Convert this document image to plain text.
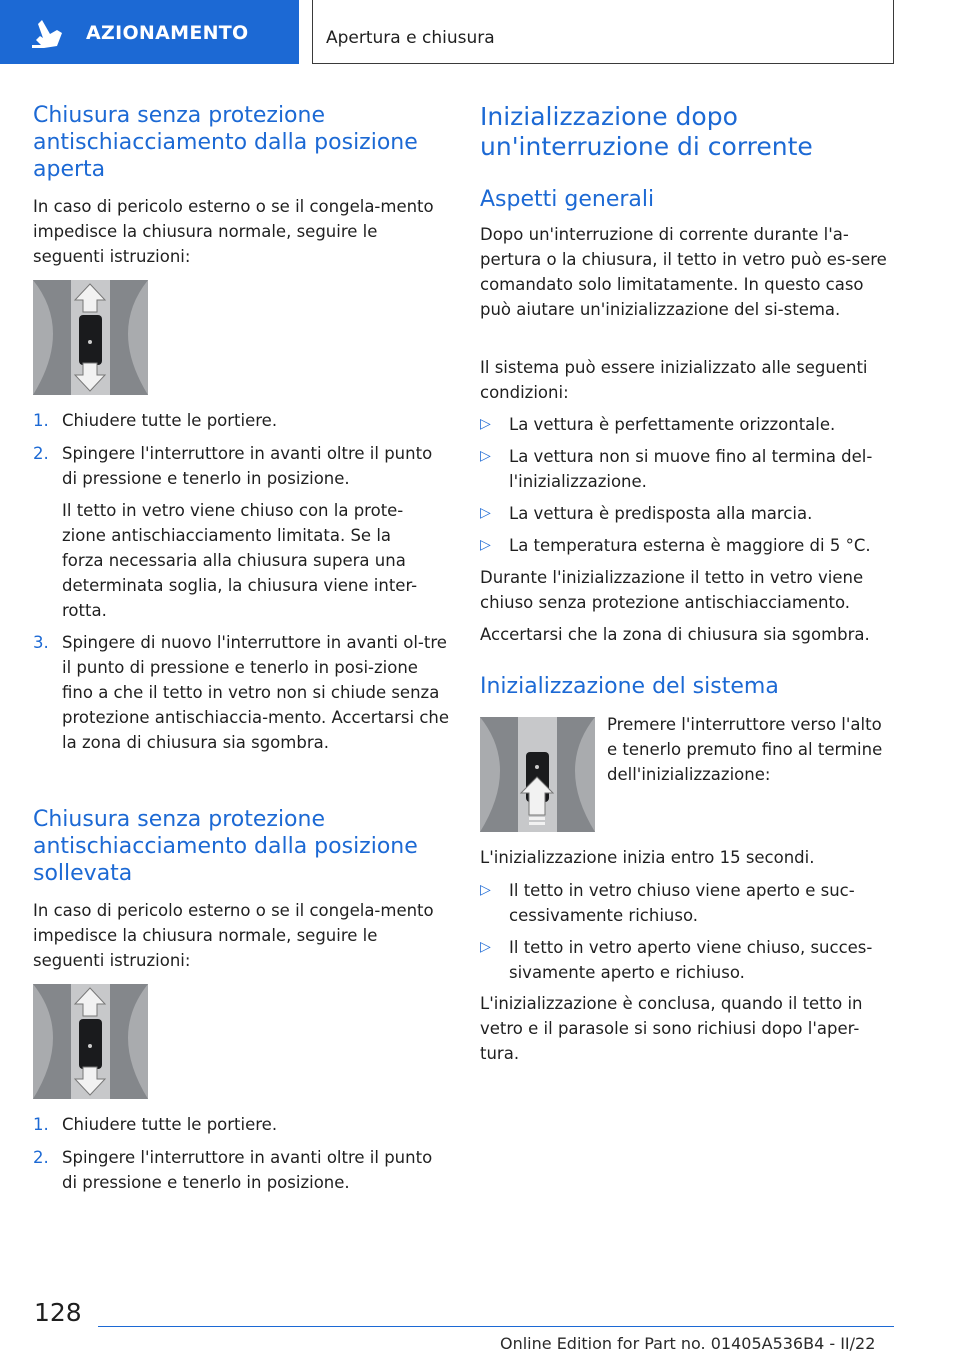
AZIONAMENTO	Apertura e chiusura
Chiusura senza protezione antischiacciamento dalla posizione aperta

In caso di pericolo esterno o se il congela-mento impedisce la chiusura normale, seguire le seguenti istruzioni:

1. Chiudere tutte le portiere.
2. Spingere l'interruttore in avanti oltre il punto di pressione e tenerlo in posizione.
Il tetto in vetro viene chiuso con la prote-zione antischiacciamento limitata. Se la forza necessaria alla chiusura supera una determinata soglia, la chiusura viene inter-rotta.
3. Spingere di nuovo l'interruttore in avanti ol-tre il punto di pressione e tenerlo in posi-zione fino a che il tetto in vetro non si chiude senza protezione antischiaccia-mento. Accertarsi che la zona di chiusura sia sgombra.
Chiusura senza protezione antischiacciamento dalla posizione sollevata

In caso di pericolo esterno o se il congela-mento impedisce la chiusura normale, seguire le seguenti istruzioni:

1. Chiudere tutte le portiere.
2. Spingere l'interruttore in avanti oltre il punto di pressione e tenerlo in posizione.
Inizializzazione dopo un'interruzione di corrente
Aspetti generali

Dopo un'interruzione di corrente durante l'a-pertura o la chiusura, il tetto in vetro può es-sere comandato solo limitatamente. In questo caso può aiutare un'inizializzazione del si-stema.

Il sistema può essere inizializzato alle seguenti condizioni:

▷ La vettura è perfettamente orizzontale.
▷ La vettura non si muove fino al termina del-l'inizializzazione.
▷ La vettura è predisposta alla marcia.
▷ La temperatura esterna è maggiore di 5 °C.

Durante l'inizializzazione il tetto in vetro viene chiuso senza protezione antischiacciamento.

Accertarsi che la zona di chiusura sia sgombra.

Inizializzazione del sistema

Premere l'interruttore verso l'alto e tenerlo premuto fino al termine dell'inizializzazione:

L'inizializzazione inizia entro 15 secondi.

▷ Il tetto in vetro chiuso viene aperto e suc-cessivamente richiuso.
▷ Il tetto in vetro aperto viene chiuso, succes-sivamente aperto e richiuso.

L'inizializzazione è conclusa, quando il tetto in vetro e il parasole si sono richiusi dopo l'aper-tura.

128
Online Edition for Part no. 01405A536B4 - II/22
